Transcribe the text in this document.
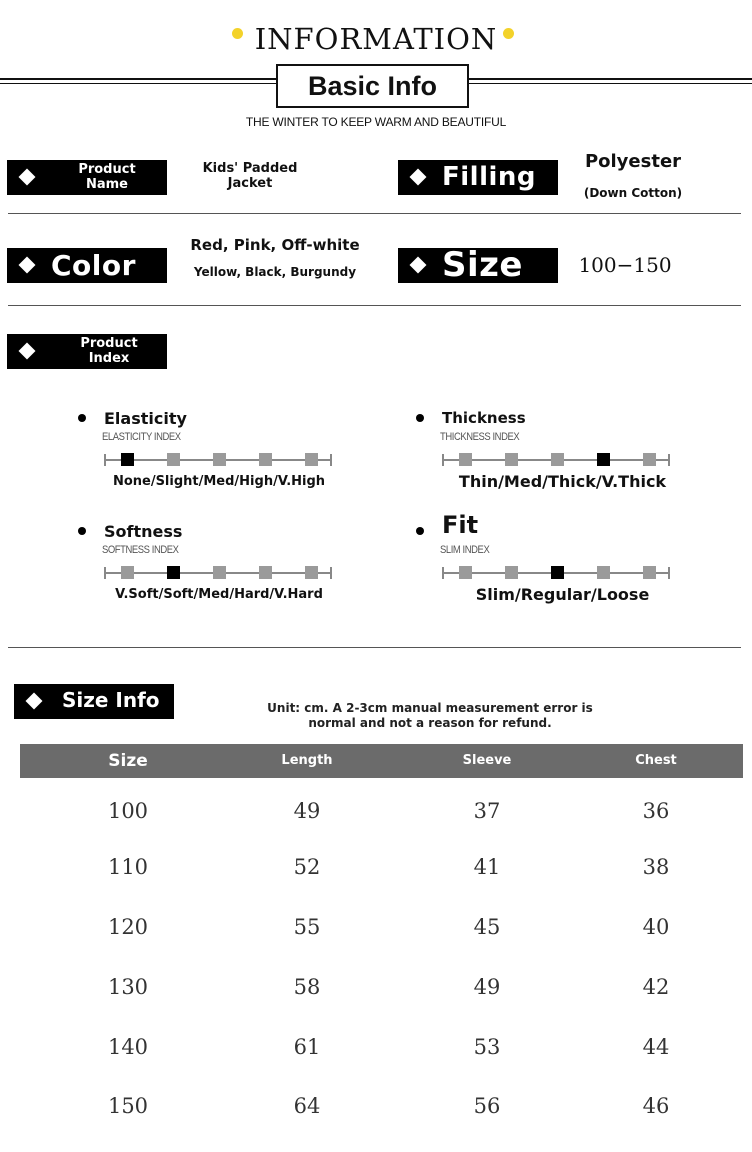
INFORMATION
Basic Info
THE WINTER TO KEEP WARM AND BEAUTIFUL
Product Name
Kids' Padded Jacket	Filling
Polyester
(Down Cotton)
Color
Red, Pink, Off-white
Yellow, Black, Burgundy	Size	100−150
Product Index
Elasticity
ELASTICITY INDEX
None/Slight/Med/High/V.High
Thickness
THICKNESS INDEX
Thin/Med/Thick/V.Thick
Softness
SOFTNESS INDEX
V.Soft/Soft/Med/Hard/V.Hard
Fit
SLIM INDEX
Slim/Regular/Loose
Size Info	Unit: cm. A 2-3cm manual measurement error is
normal and not a reason for refund.
Size	Length	Sleeve	Chest
100	49	37	36
110	52	41	38
120	55	45	40
130	58	49	42
140	61	53	44
150	64	56	46
